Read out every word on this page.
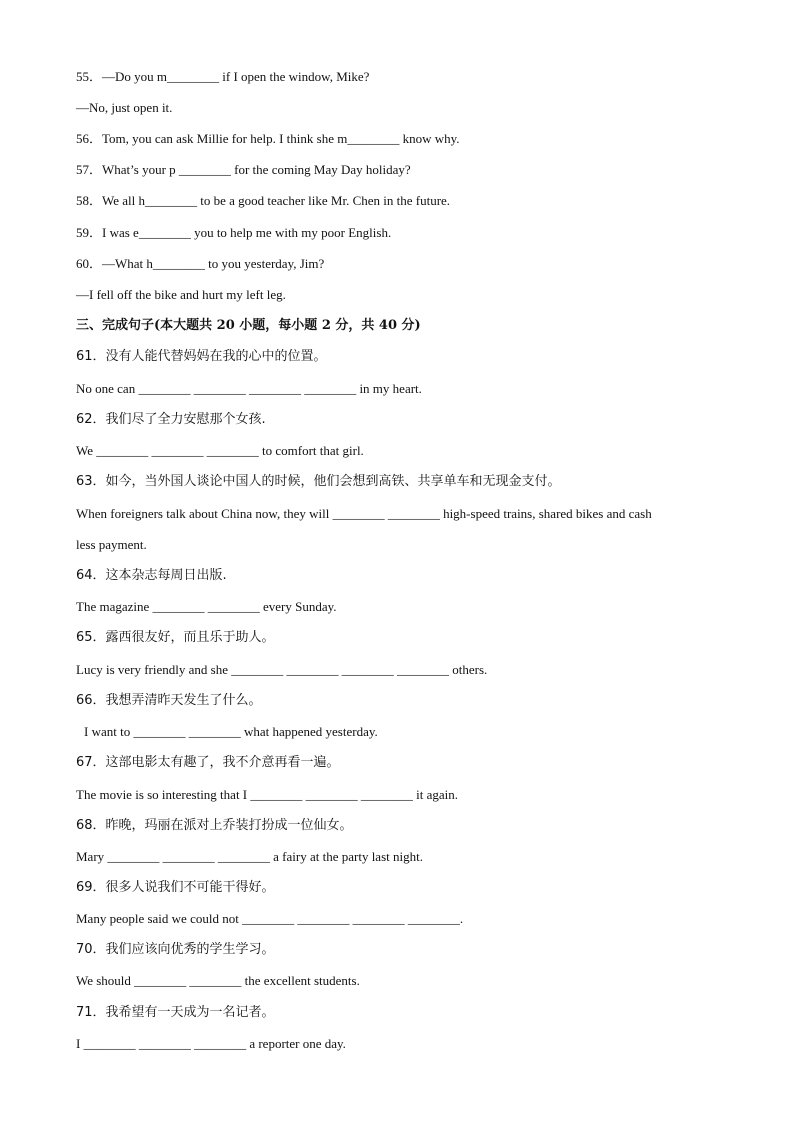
55．—Do you m________ if I open the window, Mike?
—No, just open it.
56．Tom, you can ask Millie for help. I think she m________ know why.
57．What’s your p ________ for the coming May Day holiday?
58．We all h________ to be a good teacher like Mr. Chen in the future.
59．I was e________ you to help me with my poor English.
60．—What h________ to you yesterday, Jim?
—I fell off the bike and hurt my left leg.
三、完成句子(本大题共 20 小题，每小题 2 分，共 40 分)
61．没有人能代替妈妈在我的心中的位置。
No one can ________ ________ ________ ________ in my heart.
62．我们尽了全力安慰那个女孩.
We ________ ________ ________ to comfort that girl.
63．如今，当外国人谈论中国人的时候，他们会想到高铁、共享单车和无现金支付。
When foreigners talk about China now, they will ________ ________ high-speed trains, shared bikes and cash
less payment.
64．这本杂志每周日出版.
The magazine ________ ________ every Sunday.
65．露西很友好，而且乐于助人。
Lucy is very friendly and she ________ ________ ________ ________ others.
66．我想弄清昨天发生了什么。
I want to ________ ________ what happened yesterday.
67．这部电影太有趣了，我不介意再看一遍。
The movie is so interesting that I ________ ________ ________ it again.
68．昨晚，玛丽在派对上乔装打扮成一位仙女。
Mary ________ ________ ________ a fairy at the party last night.
69．很多人说我们不可能干得好。
Many people said we could not ________ ________ ________ ________.
70．我们应该向优秀的学生学习。
We should ________ ________ the excellent students.
71．我希望有一天成为一名记者。
I ________ ________ ________ a reporter one day.
